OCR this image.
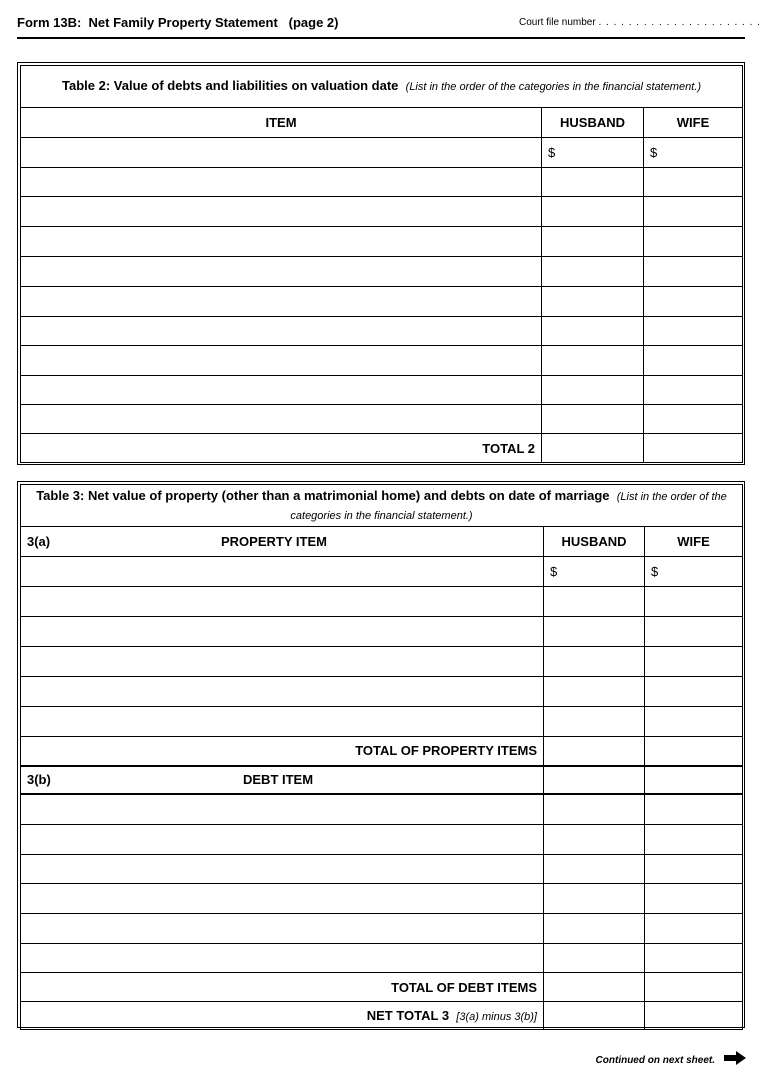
Form 13B:  Net Family Property Statement   (page 2)	Court file number . . . . . . . . . . . . . . . . . . . . . .
Table 2: Value of debts and liabilities on valuation date (List in the order of the categories in the financial statement.)		
ITEM	HUSBAND	WIFE
	$	$

TOTAL 2		
Table 3: Net value of property (other than a matrimonial home) and debts on date of marriage (List in the order of the categories in the financial statement.)		
3(a) PROPERTY ITEM	HUSBAND	WIFE
	$	$

TOTAL OF PROPERTY ITEMS		
3(b) DEBT ITEM		

TOTAL OF DEBT ITEMS		
NET TOTAL 3 [3(a) minus 3(b)]		
Continued on next sheet.
